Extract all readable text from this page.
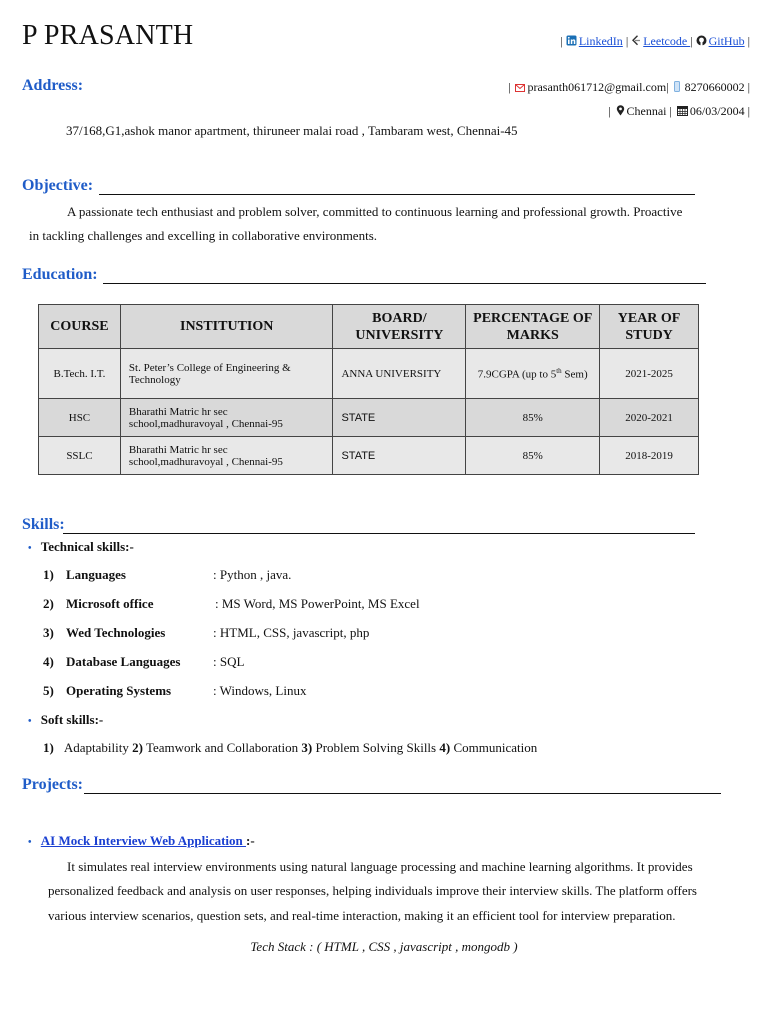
P PRASANTH	| LinkedIn | Leetcode | GitHub |
Address:	| prasanth061712@gmail.com| 8270660002 |
| Chennai | 06/03/2004 |
37/168,G1,ashok manor apartment, thiruneer malai road , Tambaram west, Chennai-45
Objective:
A passionate tech enthusiast and problem solver, committed to continuous learning and professional growth. Proactive
in tackling challenges and excelling in collaborative environments.
Education:
COURSE	INSTITUTION	BOARD/ UNIVERSITY	PERCENTAGE OF MARKS	YEAR OF STUDY
B.Tech. I.T.	St. Peter’s College of Engineering & Technology	ANNA UNIVERSITY	7.9CGPA (up to 5th Sem)	2021-2025
HSC	Bharathi Matric hr sec school,madhuravoyal , Chennai-95	STATE	85%	2020-2021
SSLC	Bharathi Matric hr sec school,madhuravoyal , Chennai-95	STATE	85%	2018-2019
Skills:
• Technical skills:-
1) Languages	: Python , java.
2) Microsoft office	: MS Word, MS PowerPoint, MS Excel
3) Wed Technologies	: HTML, CSS, javascript, php
4) Database Languages	: SQL
5) Operating Systems	: Windows, Linux
• Soft skills:-
1) Adaptability 2) Teamwork and Collaboration 3) Problem Solving Skills 4) Communication
Projects:
• AI Mock Interview Web Application :-
It simulates real interview environments using natural language processing and machine learning algorithms. It provides
personalized feedback and analysis on user responses, helping individuals improve their interview skills. The platform offers
various interview scenarios, question sets, and real-time interaction, making it an efficient tool for interview preparation.
Tech Stack : ( HTML , CSS , javascript , mongodb )
